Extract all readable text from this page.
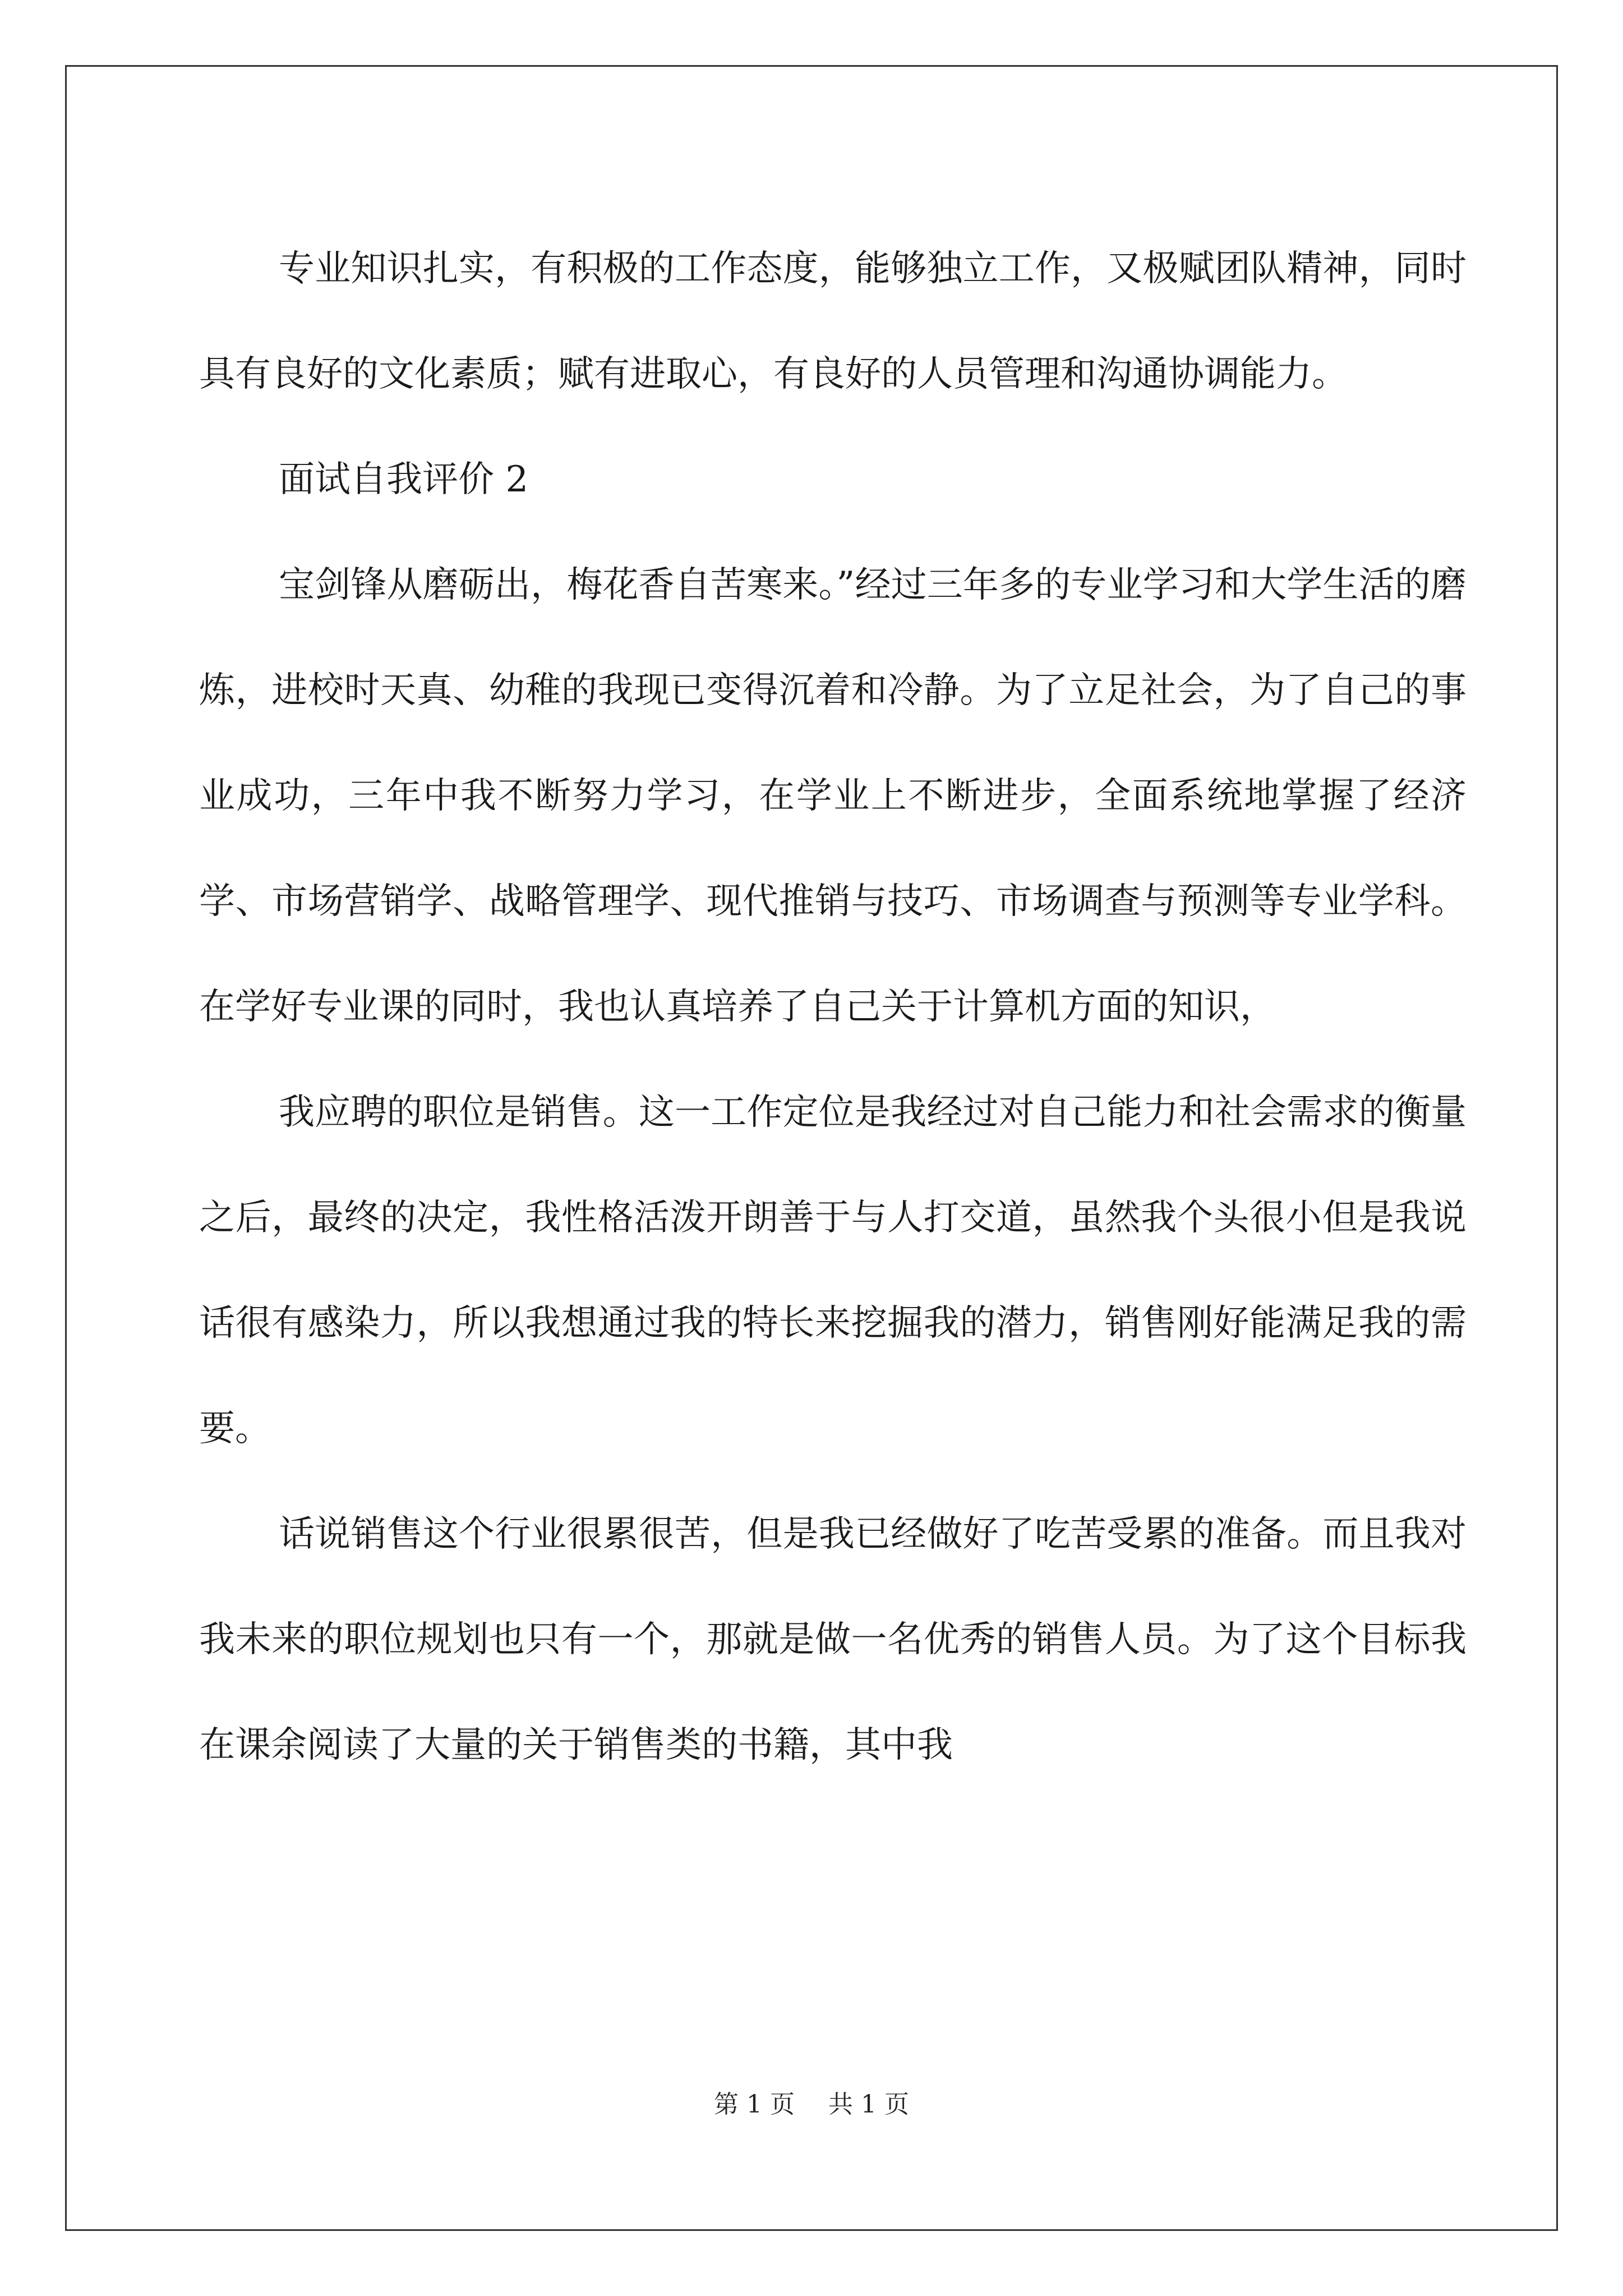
专业知识扎实，有积极的工作态度，能够独立工作，又极赋团队精神，同时具有良好的文化素质；赋有进取心，有良好的人员管理和沟通协调能力。

面试自我评价 2

宝剑锋从磨砺出，梅花香自苦寒来。”经过三年多的专业学习和大学生活的磨炼，进校时天真、幼稚的我现已变得沉着和冷静。为了立足社会，为了自己的事业成功，三年中我不断努力学习，在学业上不断进步，全面系统地掌握了经济学、市场营销学、战略管理学、现代推销与技巧、市场调查与预测等专业学科。在学好专业课的同时，我也认真培养了自己关于计算机方面的知识，

我应聘的职位是销售。这一工作定位是我经过对自己能力和社会需求的衡量之后，最终的决定，我性格活泼开朗善于与人打交道，虽然我个头很小但是我说话很有感染力，所以我想通过我的特长来挖掘我的潜力，销售刚好能满足我的需要。

话说销售这个行业很累很苦，但是我已经做好了吃苦受累的准备。而且我对我未来的职位规划也只有一个，那就是做一名优秀的销售人员。为了这个目标我在课余阅读了大量的关于销售类的书籍，其中我

第 1 页 共 1 页
